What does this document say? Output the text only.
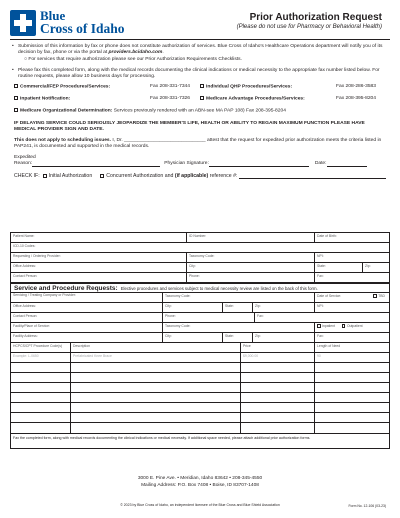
Blue
Cross of Idaho
Prior Authorization Request
(Please do not use for Pharmacy or Behavioral Health)
• Submission of this information by fax or phone does not constitute authorization of services. Blue Cross of Idaho's Healthcare Operations department will notify you of its decision by fax, phone or via the portal at providers.bcidaho.com.
○ For services that require authorization please see our Prior Authorization Requirements Checklists.
• Please fax this completed form, along with the medical records documenting the clinical indications or medical necessity to the appropriate fax number listed below. For routine requests, please allow 10 business days for processing.
Commercial/FEP Procedures/Services:	Fax 208-331-7344	Individual QHP Procedures/Services:	Fax 208-286-3583
Inpatient Notification:	Fax 208-331-7326	Medicare Advantage Procedures/Services:	Fax 208-395-8204
Medicare Organizational Determination: Services previously rendered with an ABN-see MA PAP 108) Fax 208-395-8204
IF DELAYING SERVICE COULD SERIOUSLY JEOPARDIZE THE MEMBER'S LIFE, HEALTH OR ABILITY TO REGAIN MAXIMUM FUNCTION PLEASE HAVE MEDICAL PROVIDER SIGN AND DATE.
This does not apply to scheduling issues. I, Dr. ______________________________ attest that the request for expedited prior authorization meets the criteria listed in PAP241, is documented and supported in the medical records.
Expedited
Reason:	Physician Signature:	Date:
CHECK IF:	Initial Authorization	Concurrent Authorization and (if applicable) reference #:
Patient Name:	ID Number:	Date of Birth:
ICD-10 Codes:
Requesting / Ordering Provider:	Taxonomy Code:	NPI:
Office Address:	City:	State:	Zip:
Contact Person:	Phone:	Fax:
Service and Procedure Requests: Elective procedures and services subject to medical necessity review are listed on the back of this form.
Servicing / Treating Company or Provider:	Taxonomy Code:	Date of Service:	TBD
Office Address:	City:	State:	Zip:	NPI:
Contact Person:	Phone:	Fax:
Facility/Place of Service:	Taxonomy Code:	Inpatient	Outpatient
Facility Address:	City:	State:	Zip:	Fax:
HCPCS/CPT Procedure Code(s)	Description	Price	Length of Need
Example: L-0650	Prefabricated Knee Brace	$9,000.00	90
Fax the completed form, along with medical records documenting the clinical indications or medical necessity. If additional space needed, please attach additional prior authorization forms.
3000 E. Pine Ave. • Meridian, Idaho 83642 • 208-345-4550
Mailing Address: P.O. Box 7408 • Boise, ID 83707-1408
© 2023 by Blue Cross of Idaho, an independent licensee of the Blue Cross and Blue Shield Association	Form No. 12-106 (03-23)
